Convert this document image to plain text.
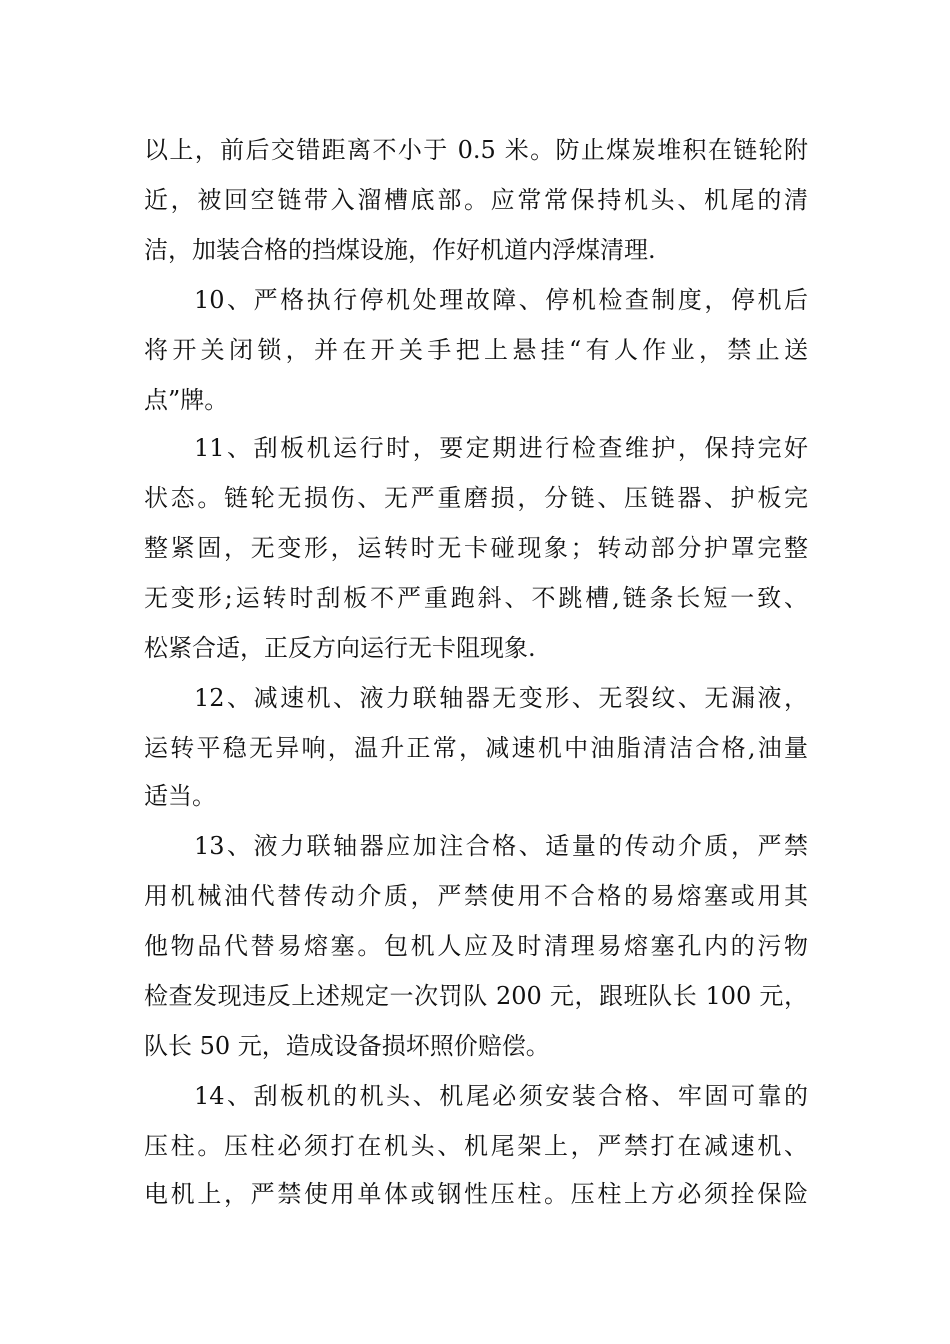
以上，前后交错距离不小于 0.5 米。防止煤炭堆积在链轮附
近，被回空链带入溜槽底部。应常常保持机头、机尾的清
洁，加装合格的挡煤设施，作好机道内浮煤清理.
10、严格执行停机处理故障、停机检查制度，停机后
将开关闭锁，并在开关手把上悬挂“有人作业，禁止送
点”牌。
11、刮板机运行时，要定期进行检查维护，保持完好
状态。链轮无损伤、无严重磨损，分链、压链器、护板完
整紧固，无变形，运转时无卡碰现象；转动部分护罩完整
无变形;运转时刮板不严重跑斜、不跳槽,链条长短一致、
松紧合适，正反方向运行无卡阻现象.
12、减速机、液力联轴器无变形、无裂纹、无漏液，
运转平稳无异响，温升正常，减速机中油脂清洁合格,油量
适当。
13、液力联轴器应加注合格、适量的传动介质，严禁
用机械油代替传动介质，严禁使用不合格的易熔塞或用其
他物品代替易熔塞。包机人应及时清理易熔塞孔内的污物
检查发现违反上述规定一次罚队 200 元，跟班队长 100 元，
队长 50 元，造成设备损坏照价赔偿。
14、刮板机的机头、机尾必须安装合格、牢固可靠的
压柱。压柱必须打在机头、机尾架上，严禁打在减速机、
电机上，严禁使用单体或钢性压柱。压柱上方必须拴保险
